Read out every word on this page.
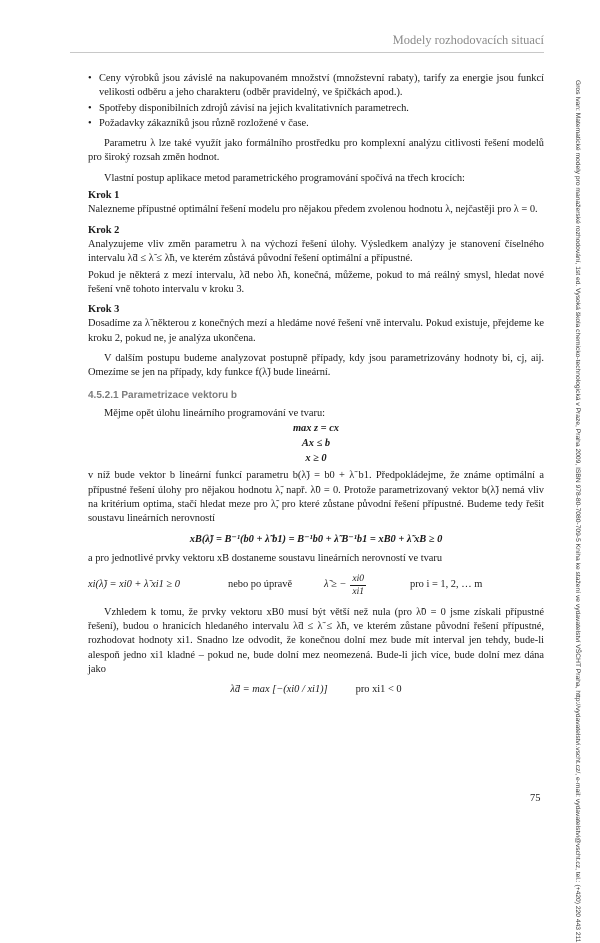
Modely rozhodovacích situací
• Ceny výrobků jsou závislé na nakupovaném množství (množstevní rabaty), tarify za energie jsou funkcí velikosti odběru a jeho charakteru (odběr pravidelný, ve špičkách apod.).
• Spotřeby disponibilních zdrojů závisí na jejich kvalitativních parametrech.
• Požadavky zákazníků jsou různě rozložené v čase.

Parametru λ lze také využít jako formálního prostředku pro komplexní analýzu citlivosti řešení modelů pro široký rozsah změn hodnot.

Vlastní postup aplikace metod parametrického programování spočívá na třech krocích:

Krok 1

Nalezneme přípustné optimální řešení modelu pro nějakou předem zvolenou hodnotu λ, nejčastěji pro λ = 0.

Krok 2

Analyzujeme vliv změn parametru λ na výchozí řešení úlohy. Výsledkem analýzy je stanovení číselného intervalu λ̃d ≤ λ̃ ≤ λ̃h, ve kterém zůstává původní řešení optimální a přípustné.

Pokud je některá z mezí intervalu, λ̃d nebo λ̃h, konečná, můžeme, pokud to má reálný smysl, hledat nové řešení vně tohoto intervalu v kroku 3.

Krok 3

Dosadíme za λ̃ některou z konečných mezí a hledáme nové řešení vně intervalu. Pokud existuje, přejdeme ke kroku 2, pokud ne, je analýza ukončena.

V dalším postupu budeme analyzovat postupně případy, kdy jsou parametrizovány hodnoty bi, cj, aij. Omezíme se jen na případy, kdy funkce f(λ̃) bude lineární.

4.5.2.1 Parametrizace vektoru b

Mějme opět úlohu lineárního programování ve tvaru:

max z = cx
Ax ≤ b
x ≥ 0

v níž bude vektor b lineární funkcí parametru b(λ̃) = b0 + λ̃ b1. Předpokládejme, že známe optimální a přípustné řešení úlohy pro nějakou hodnotu λ̃, např. λ̃0 = 0. Protože parametrizovaný vektor b(λ̃) nemá vliv na kritérium optima, stačí hledat meze pro λ̃, pro které zůstane původní řešení přípustné. Budeme tedy řešit soustavu lineárních nerovností

xB(λ̃) = B⁻¹(b0 + λ̃ b1) = B⁻¹b0 + λ̃ B⁻¹b1 = xB0 + λ̃ xB ≥ 0

a pro jednotlivé prvky vektoru xB dostaneme soustavu lineárních nerovností ve tvaru

xi(λ̃) = xi0 + λ̃ xi1 ≥ 0	nebo po úpravě	λ̃ ≥ − $\frac{xi0}{xi1}$	pro i = 1, 2, … m

Vzhledem k tomu, že prvky vektoru xB0 musí být větší než nula (pro λ̃0 = 0 jsme získali přípustné řešení), budou o hranicích hledaného intervalu λ̃d ≤ λ̃ ≤ λ̃h, ve kterém zůstane původní řešení přípustné, rozhodovat hodnoty xi1. Snadno lze odvodit, že konečnou dolní mez bude mít interval jen tehdy, bude-li alespoň jedno xi1 kladné – pokud ne, bude dolní mez neomezená. Bude-li jich více, bude dolní mez dána jako

λ̃d = max [−(xi0 / xi1)]	pro xi1 < 0	Gros Ivan: Matematické modely pro manažerské rozhodování, 1st ed. Vysoká škola chemicko-technologická v Praze, Praha 2009, ISBN 978-80-7080-709-5 Kniha ke stažení ve vydavatelství VŠCHT Praha, http://vydavatelstvi.vscht.cz/, e-mail: vydavatelstvi@vscht.cz, tel.: (+420) 220 443 211
75
